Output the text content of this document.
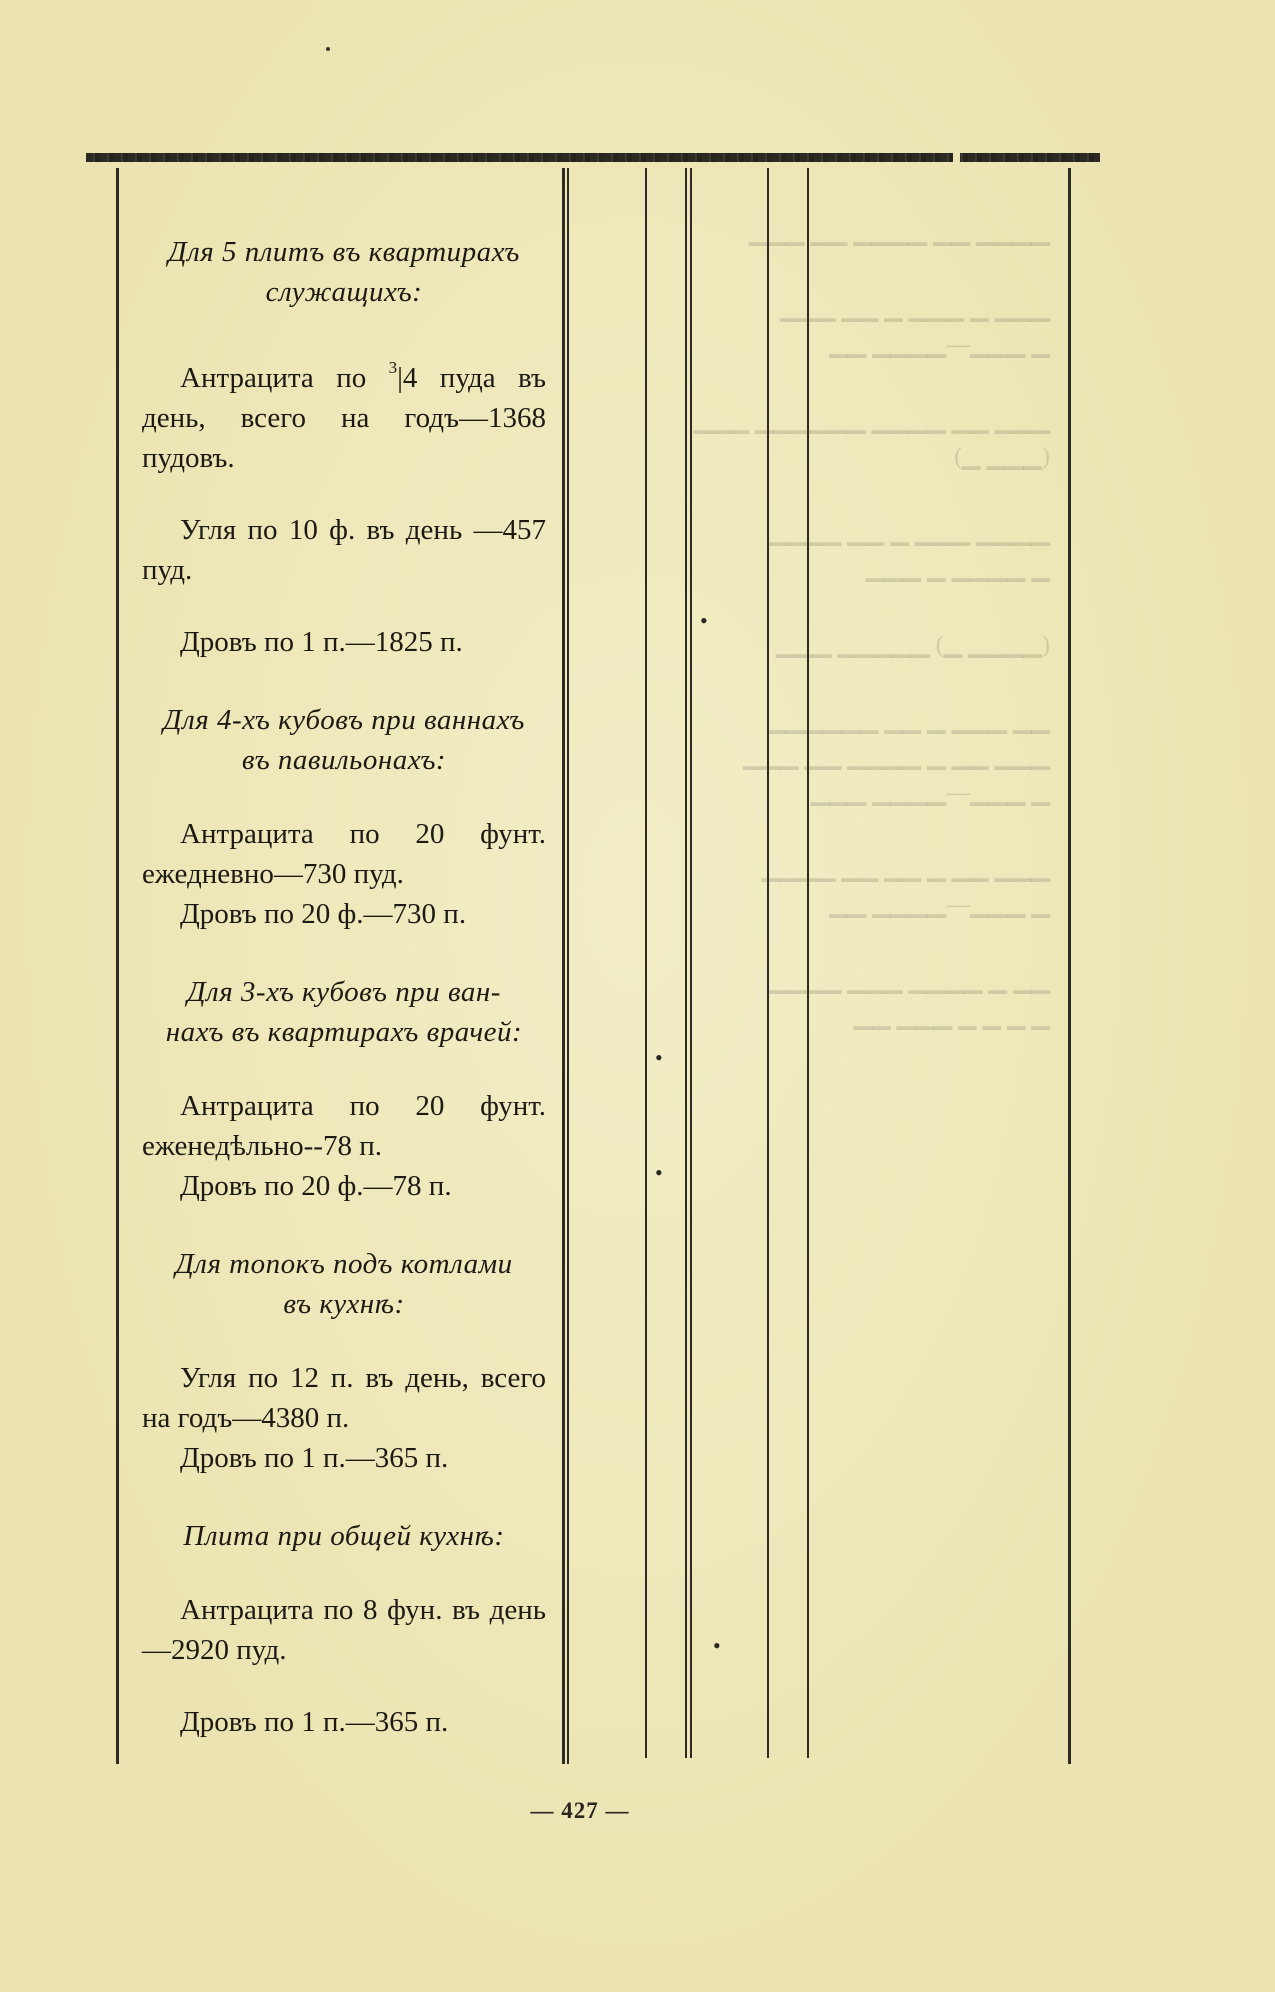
▁▁▁ ▁▁ ▁▁▁▁ ▁▁ ▁▁▁▁

▁▁▁ ▁▁ ▁ ▁▁▁ ▁ ▁▁▁
▁▁ ▁▁▁▁—▁▁▁ ▁

▁▁▁ ▁▁▁▁▁▁ ▁▁▁▁ ▁▁ ▁▁▁
(▁ ▁▁▁)

▁▁▁▁ ▁▁ ▁ ▁▁▁ ▁▁▁▁
▁▁▁ ▁ ▁▁▁▁ ▁

▁▁▁ ▁▁▁▁▁ (▁ ▁▁▁▁)

▁▁▁▁▁▁ ▁▁ ▁ ▁▁▁ ▁▁
▁▁▁ ▁▁ ▁▁▁▁ ▁ ▁▁ ▁▁▁
▁▁▁ ▁▁▁▁—▁▁▁ ▁

▁▁▁▁ ▁▁ ▁▁ ▁ ▁▁ ▁▁▁
▁▁ ▁▁▁▁—▁▁▁ ▁

▁▁▁▁ ▁▁▁ ▁▁▁▁ ▁ ▁▁
▁▁ ▁▁▁ ▁ ▁ ▁ ▁

Для 5 плитъ въ квартирахъ

служащихъ:

Антрацита по $^3$|4 пуда въ день, всего на годъ—1368 пудовъ.

Угля по 10 ф. въ день —457 пуд.

Дровъ по 1 п.—1825 п.

Для 4-хъ кубовъ при ваннахъ

въ павильонахъ:

Антрацита по 20 фунт. ежедневно—730 пуд.

Дровъ по 20 ф.—730 п.

Для 3-хъ кубовъ при ван-

нахъ въ квартирахъ врачей:

Антрацита по 20 фунт. еженедѣльно--78 п.

Дровъ по 20 ф.—78 п.

Для топокъ подъ котлами

въ кухнѣ:

Угля по 12 п. въ день, всего на годъ—4380 п.

Дровъ по 1 п.—365 п.

Плита при общей кухнѣ:

Антрацита по 8 фун. въ день—2920 пуд.

Дровъ по 1 п.—365 п.

•
•
•
•
— 427 —
